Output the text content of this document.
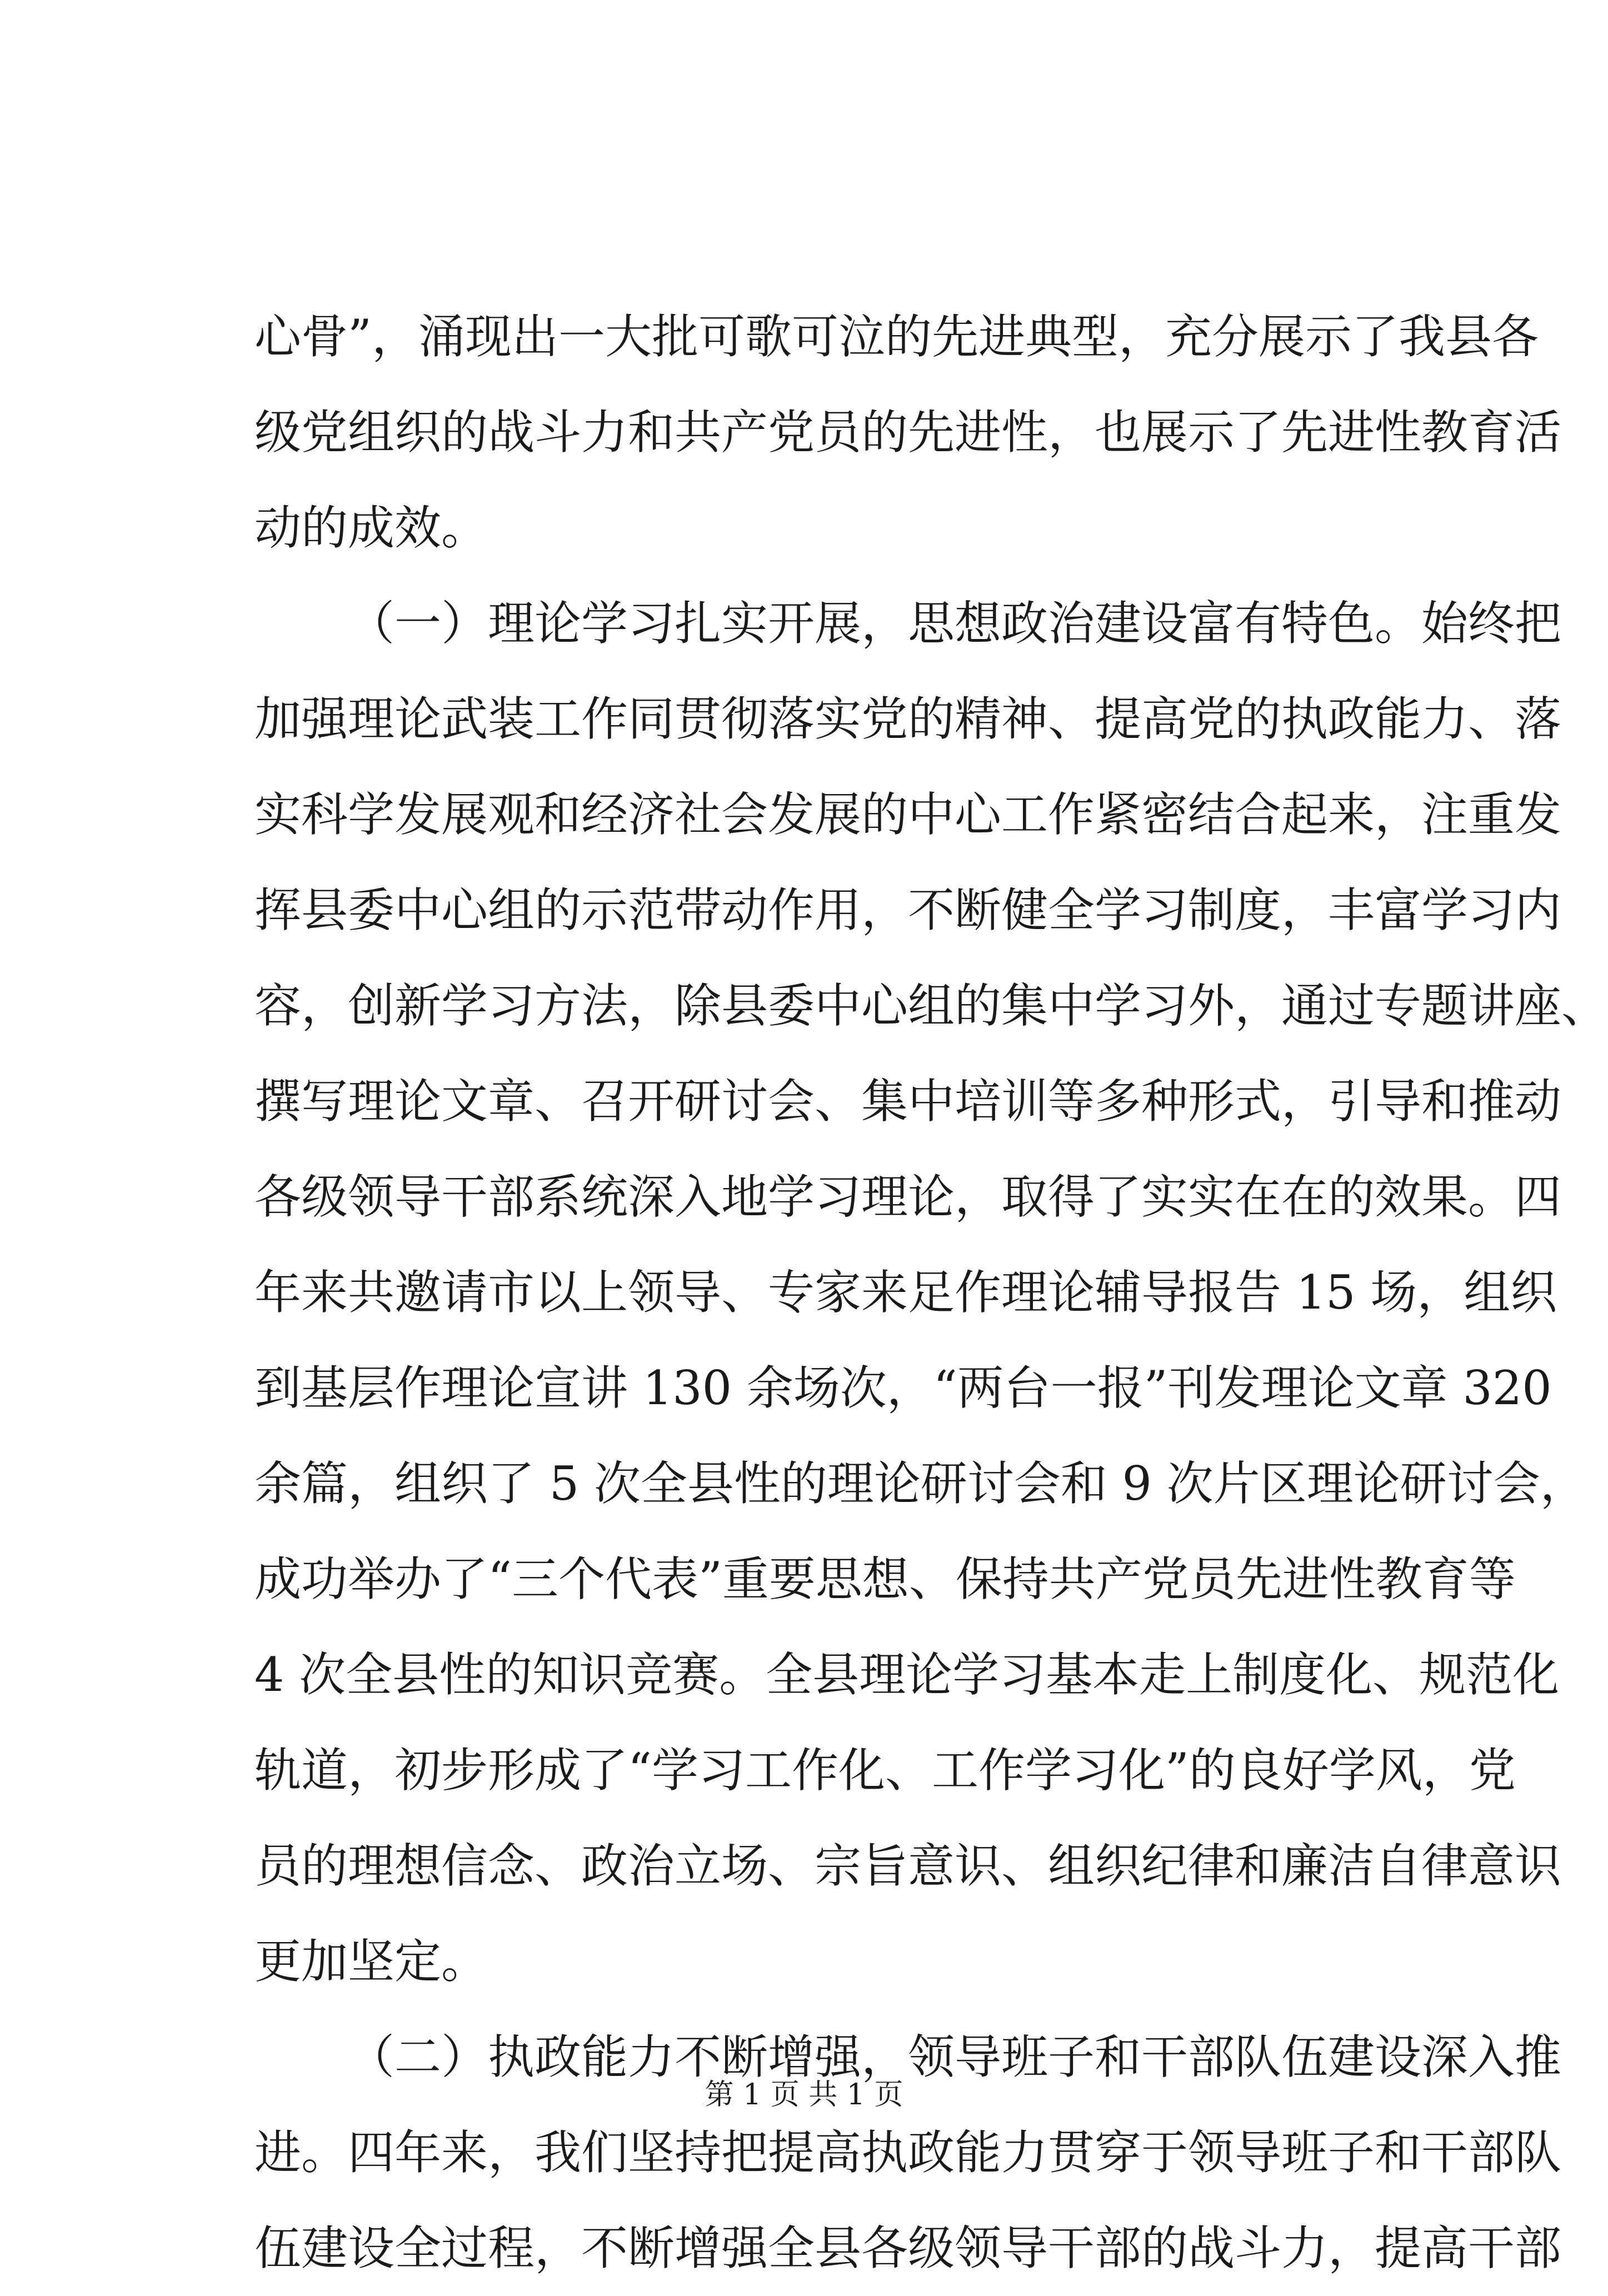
心骨”，涌现出一大批可歌可泣的先进典型，充分展示了我县各
级党组织的战斗力和共产党员的先进性，也展示了先进性教育活
动的成效。
（一）理论学习扎实开展，思想政治建设富有特色。始终把
加强理论武装工作同贯彻落实党的精神、提高党的执政能力、落
实科学发展观和经济社会发展的中心工作紧密结合起来，注重发
挥县委中心组的示范带动作用，不断健全学习制度，丰富学习内
容，创新学习方法，除县委中心组的集中学习外，通过专题讲座、
撰写理论文章、召开研讨会、集中培训等多种形式，引导和推动
各级领导干部系统深入地学习理论，取得了实实在在的效果。四
年来共邀请市以上领导、专家来足作理论辅导报告 15 场，组织
到基层作理论宣讲 130 余场次，“两台一报”刊发理论文章 320
余篇，组织了 5 次全县性的理论研讨会和 9 次片区理论研讨会，
成功举办了“三个代表”重要思想、保持共产党员先进性教育等
4 次全县性的知识竞赛。全县理论学习基本走上制度化、规范化
轨道，初步形成了“学习工作化、工作学习化”的良好学风，党
员的理想信念、政治立场、宗旨意识、组织纪律和廉洁自律意识
更加坚定。
（二）执政能力不断增强，领导班子和干部队伍建设深入推
进。四年来，我们坚持把提高执政能力贯穿于领导班子和干部队
伍建设全过程，不断增强全县各级领导干部的战斗力，提高干部
第 1 页 共 1 页
